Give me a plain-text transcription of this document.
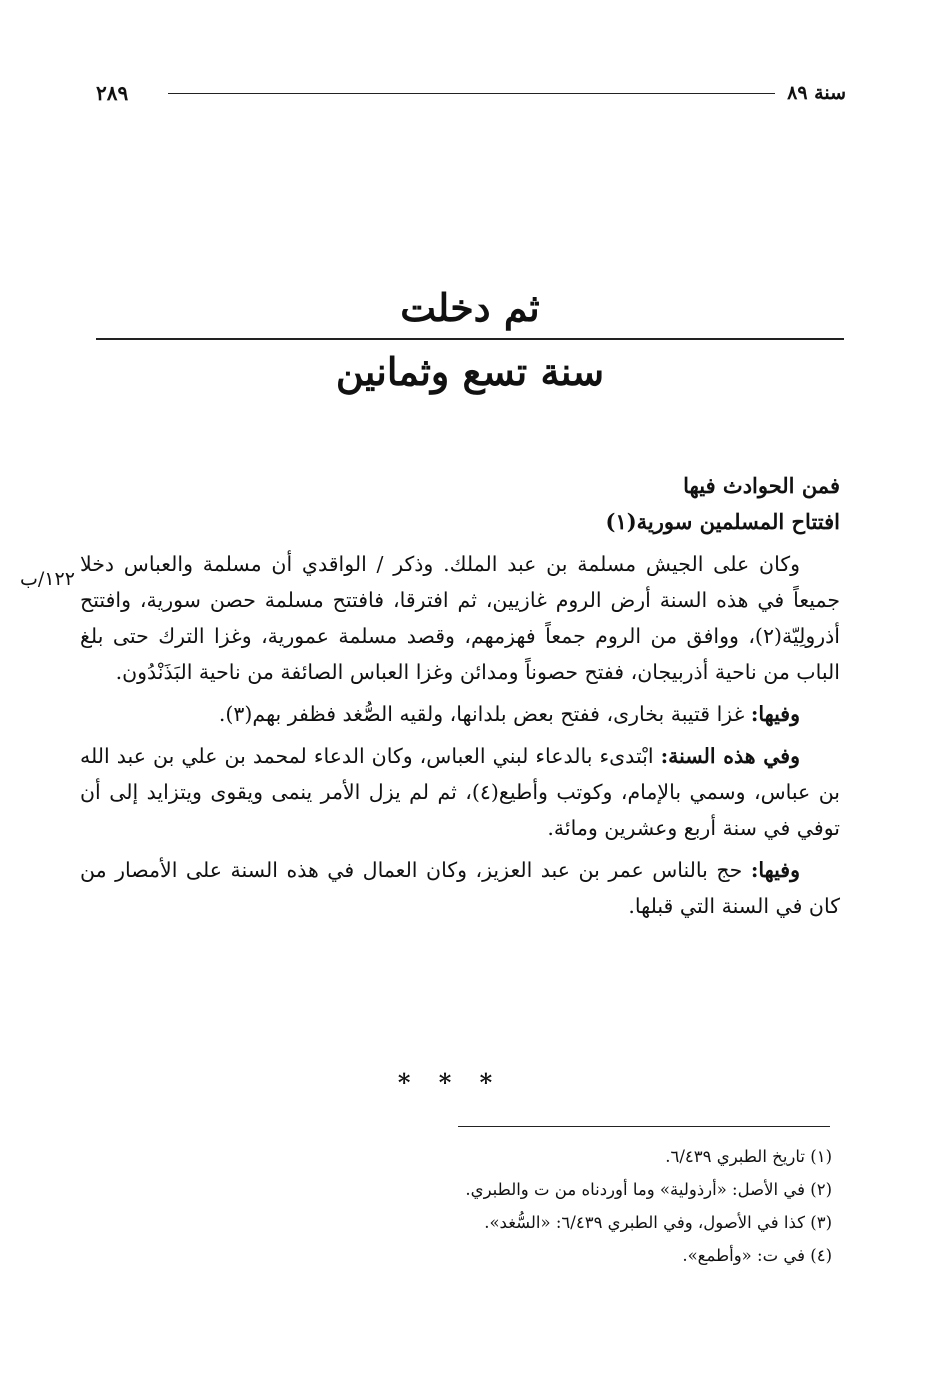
٢٨٩	سنة ٨٩
ثم دخلت
سنة تسع وثمانين
١٢٢/ب

فمن الحوادث فيها

افتتاح المسلمين سورية(١)

وكان على الجيش مسلمة بن عبد الملك. وذكر / الواقدي أن مسلمة والعباس دخلا جميعاً في هذه السنة أرض الروم غازيين، ثم افترقا، فافتتح مسلمة حصن سورية، وافتتح أذرولِيّة(٢)، ووافق من الروم جمعاً فهزمهم، وقصد مسلمة عمورية، وغزا الترك حتى بلغ الباب من ناحية أذربيجان، ففتح حصوناً ومدائن وغزا العباس الصائفة من ناحية البَذَنْدُون.

وفيها: غزا قتيبة بخارى، ففتح بعض بلدانها، ولقيه الصُّغد فظفر بهم(٣).

وفي هذه السنة: ابْتدىء بالدعاء لبني العباس، وكان الدعاء لمحمد بن علي بن عبد الله بن عباس، وسمي بالإمام، وكوتب وأطيع(٤)، ثم لم يزل الأمر ينمى ويقوى ويتزايد إلى أن توفي في سنة أربع وعشرين ومائة.

وفيها: حج بالناس عمر بن عبد العزيز، وكان العمال في هذه السنة على الأمصار من كان في السنة التي قبلها.

* * *

(١) تاريخ الطبري ٦/٤٣٩.

(٢) في الأصل: «أرذولية» وما أوردناه من ت والطبري.

(٣) كذا في الأصول، وفي الطبري ٦/٤٣٩: «السُّغد».

(٤) في ت: «وأطمع».
